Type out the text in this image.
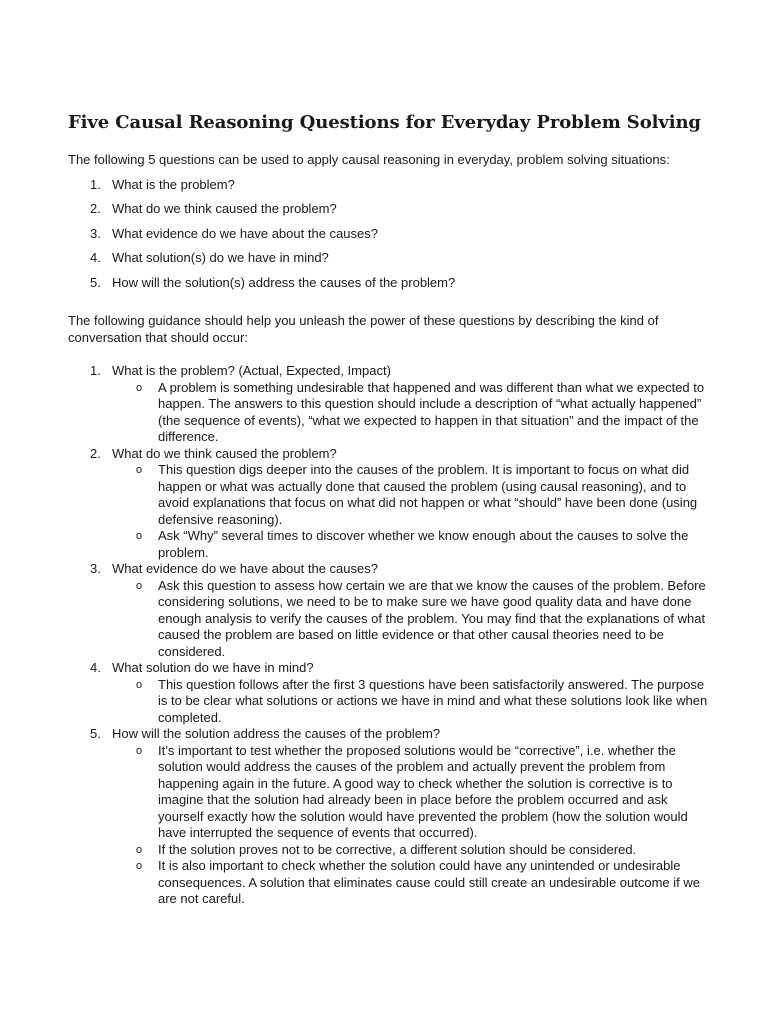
Five Causal Reasoning Questions for Everyday Problem Solving

The following 5 questions can be used to apply causal reasoning in everyday, problem solving situations:

1. What is the problem?
2. What do we think caused the problem?
3. What evidence do we have about the causes?
4. What solution(s) do we have in mind?
5. How will the solution(s) address the causes of the problem?

The following guidance should help you unleash the power of these questions by describing the kind of conversation that should occur:

1. What is the problem? (Actual, Expected, Impact)
o A problem is something undesirable that happened and was different than what we expected to happen. The answers to this question should include a description of “what actually happened” (the sequence of events), “what we expected to happen in that situation” and the impact of the difference.
2. What do we think caused the problem?
o This question digs deeper into the causes of the problem. It is important to focus on what did happen or what was actually done that caused the problem (using causal reasoning), and to avoid explanations that focus on what did not happen or what “should” have been done (using defensive reasoning).
o Ask “Why” several times to discover whether we know enough about the causes to solve the problem.
3. What evidence do we have about the causes?
o Ask this question to assess how certain we are that we know the causes of the problem. Before considering solutions, we need to be to make sure we have good quality data and have done enough analysis to verify the causes of the problem. You may find that the explanations of what caused the problem are based on little evidence or that other causal theories need to be considered.
4. What solution do we have in mind?
o This question follows after the first 3 questions have been satisfactorily answered. The purpose is to be clear what solutions or actions we have in mind and what these solutions look like when completed.
5. How will the solution address the causes of the problem?
o It’s important to test whether the proposed solutions would be “corrective”, i.e. whether the solution would address the causes of the problem and actually prevent the problem from happening again in the future. A good way to check whether the solution is corrective is to imagine that the solution had already been in place before the problem occurred and ask yourself exactly how the solution would have prevented the problem (how the solution would have interrupted the sequence of events that occurred).
o If the solution proves not to be corrective, a different solution should be considered.
o It is also important to check whether the solution could have any unintended or undesirable consequences. A solution that eliminates cause could still create an undesirable outcome if we are not careful.
